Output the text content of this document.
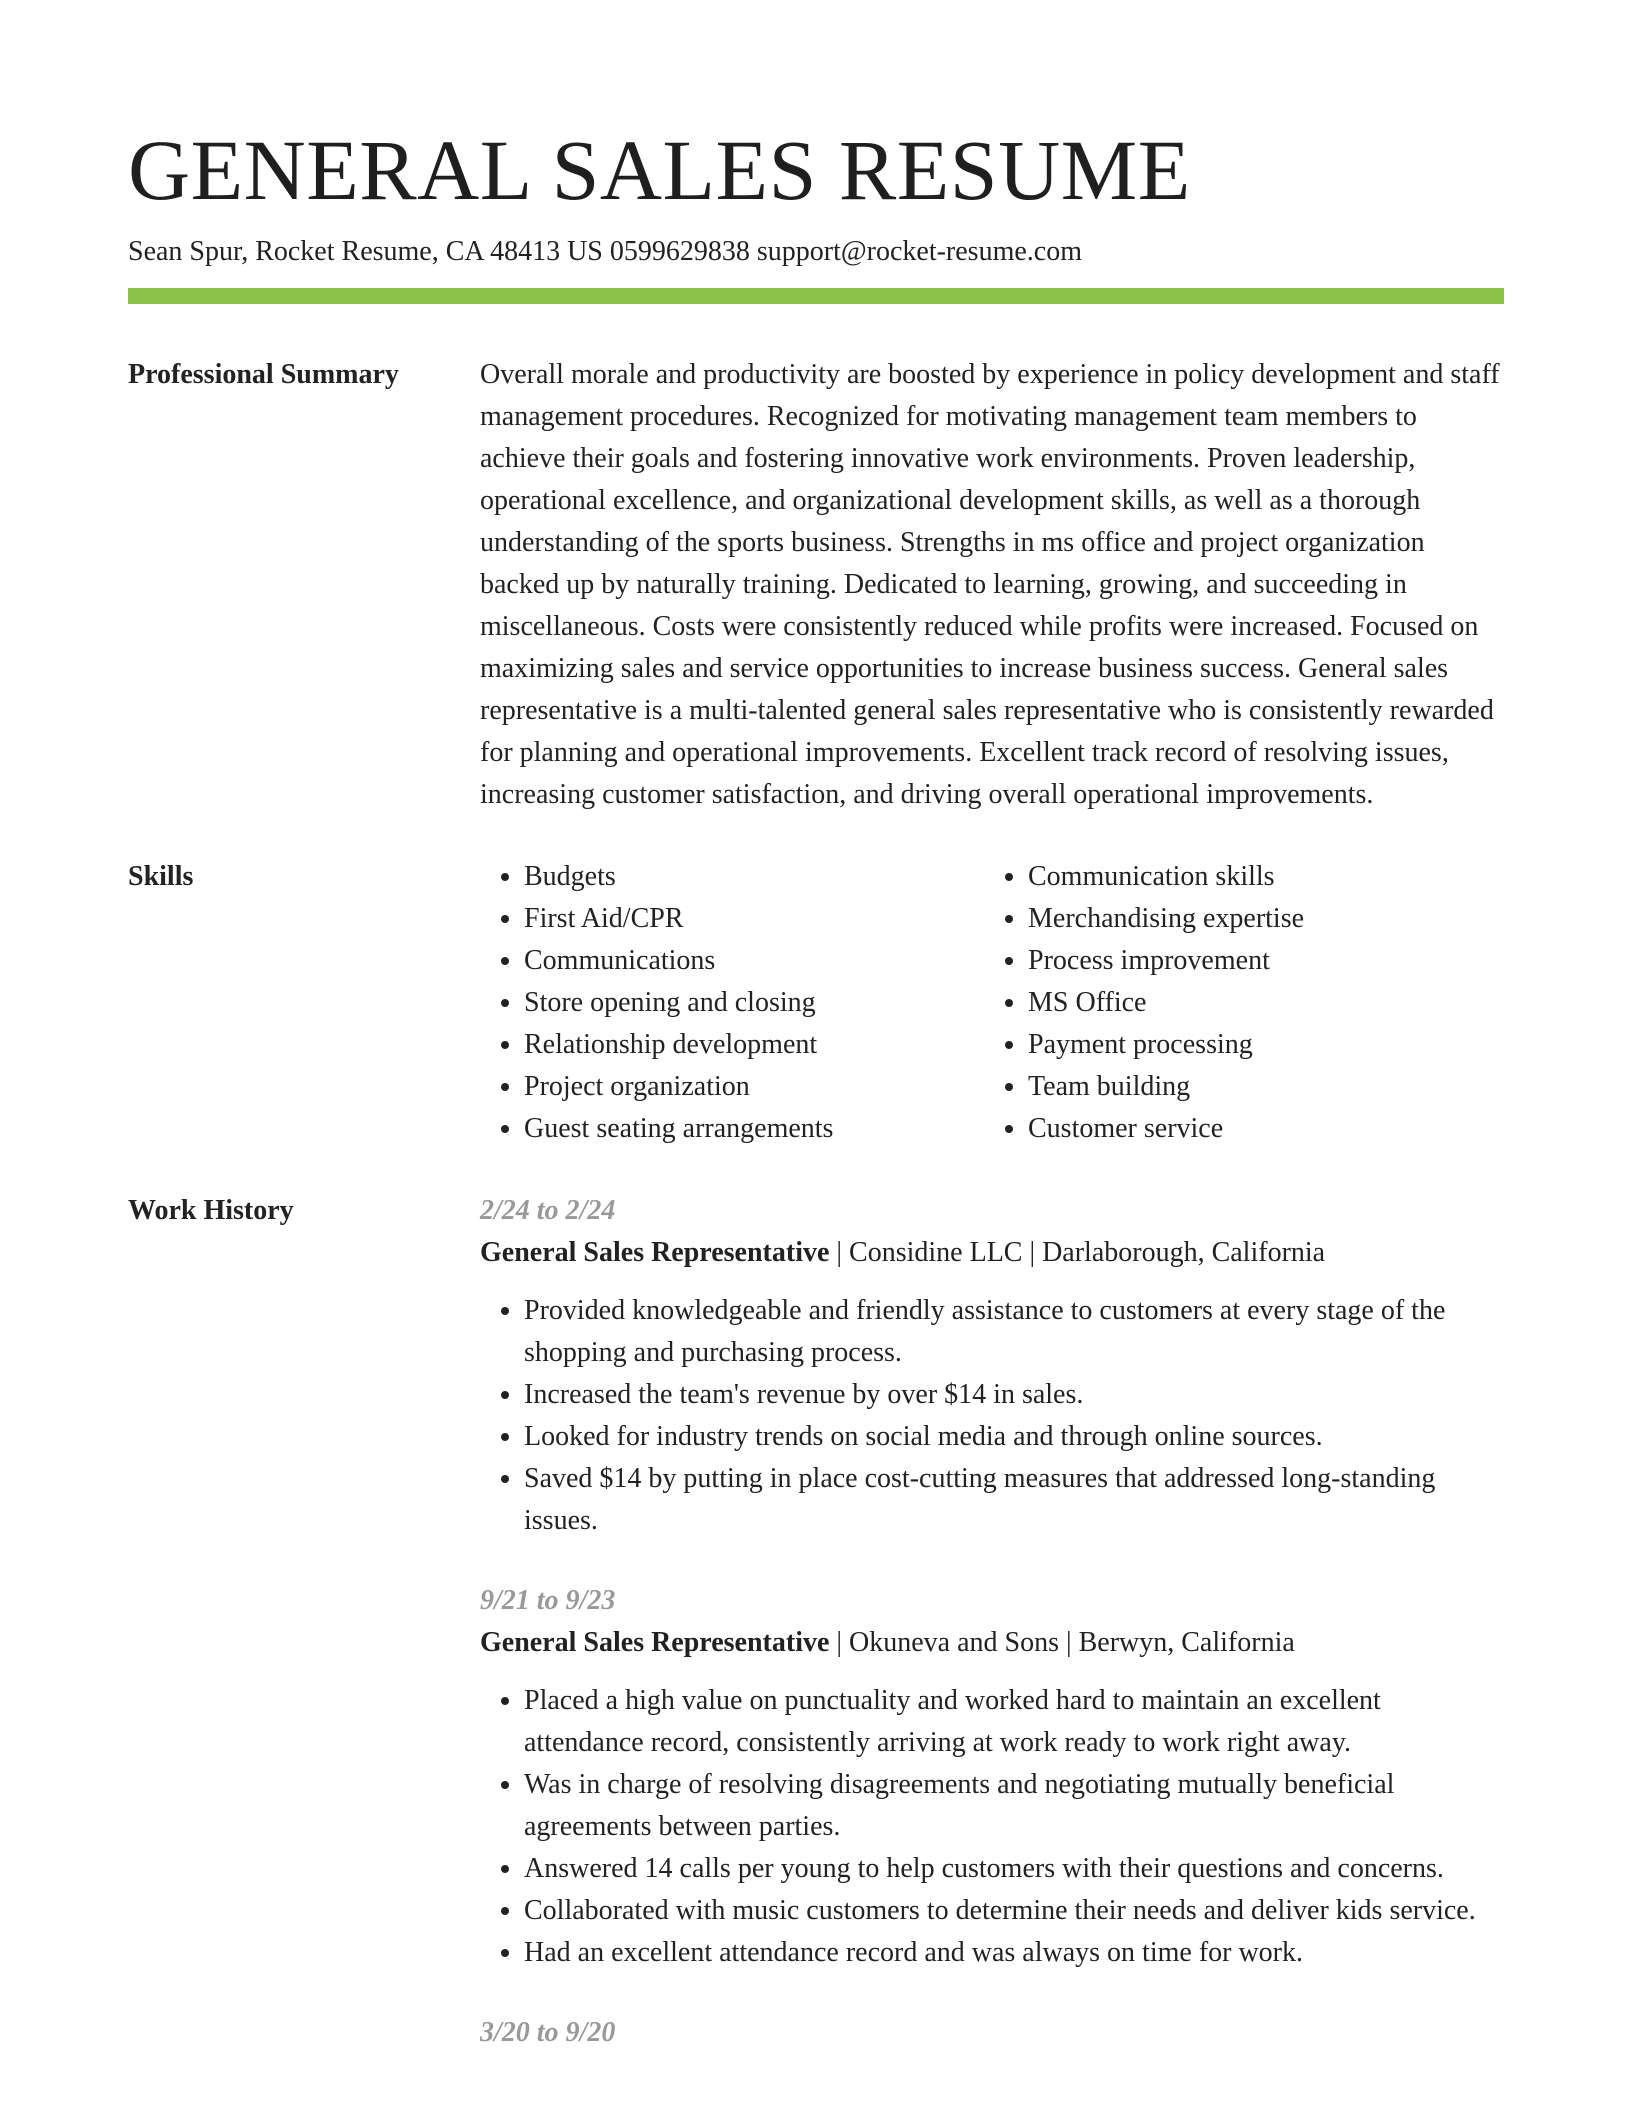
GENERAL SALES RESUME
Sean Spur, Rocket Resume, CA 48413 US 0599629838 support@rocket-resume.com
Professional Summary	Overall morale and productivity are boosted by experience in policy development and staff management procedures. Recognized for motivating management team members to achieve their goals and fostering innovative work environments. Proven leadership, operational excellence, and organizational development skills, as well as a thorough understanding of the sports business. Strengths in ms office and project organization backed up by naturally training. Dedicated to learning, growing, and succeeding in miscellaneous. Costs were consistently reduced while profits were increased. Focused on maximizing sales and service opportunities to increase business success. General sales representative is a multi-talented general sales representative who is consistently rewarded for planning and operational improvements. Excellent track record of resolving issues, increasing customer satisfaction, and driving overall operational improvements.

Skills
•	Budgets
• First Aid/CPR
• Communications
• Store opening and closing
• Relationship development
• Project organization
• Guest seating arrangements
• Communication skills
• Merchandising expertise
• Process improvement
• MS Office
• Payment processing
• Team building
• Customer service
Work History	2/24 to 2/24
General Sales Representative | Considine LLC | Darlaborough, California
• Provided knowledgeable and friendly assistance to customers at every stage of the shopping and purchasing process.
• Increased the team's revenue by over $14 in sales.
• Looked for industry trends on social media and through online sources.
• Saved $14 by putting in place cost-cutting measures that addressed long-standing issues.
9/21 to 9/23
General Sales Representative | Okuneva and Sons | Berwyn, California
• Placed a high value on punctuality and worked hard to maintain an excellent attendance record, consistently arriving at work ready to work right away.
• Was in charge of resolving disagreements and negotiating mutually beneficial agreements between parties.
• Answered 14 calls per young to help customers with their questions and concerns.
• Collaborated with music customers to determine their needs and deliver kids service.
• Had an excellent attendance record and was always on time for work.
3/20 to 9/20
